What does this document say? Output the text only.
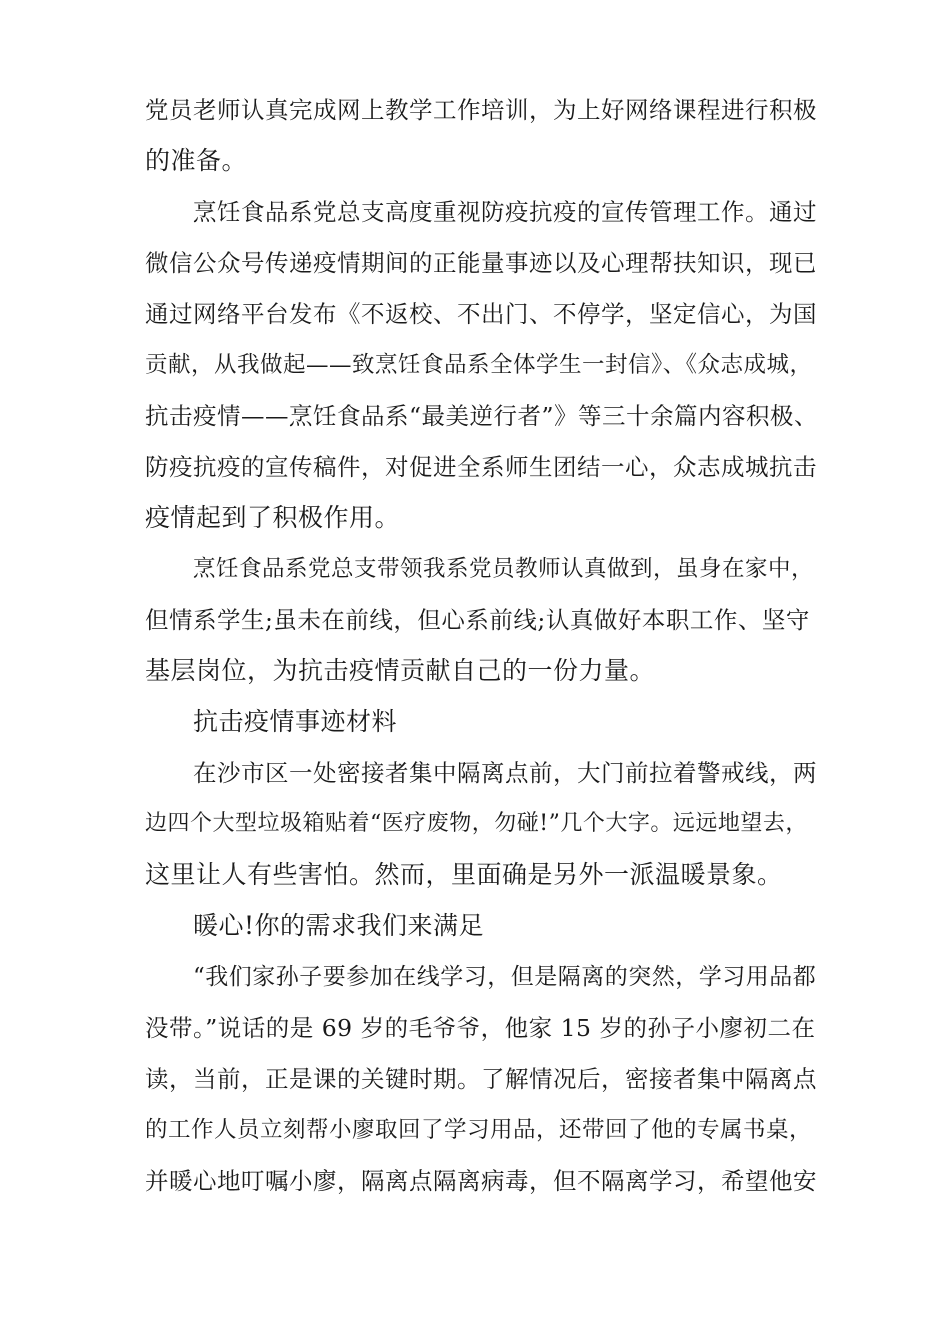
党员老师认真完成网上教学工作培训，为上好网络课程进行积极
的准备。
烹饪食品系党总支高度重视防疫抗疫的宣传管理工作。通过
微信公众号传递疫情期间的正能量事迹以及心理帮扶知识，现已
通过网络平台发布《不返校、不出门、不停学，坚定信心，为国
贡献，从我做起——致烹饪食品系全体学生一封信》、《众志成城，
抗击疫情——烹饪食品系“最美逆行者”》等三十余篇内容积极、
防疫抗疫的宣传稿件，对促进全系师生团结一心，众志成城抗击
疫情起到了积极作用。
烹饪食品系党总支带领我系党员教师认真做到，虽身在家中，
但情系学生;虽未在前线，但心系前线;认真做好本职工作、坚守
基层岗位，为抗击疫情贡献自己的一份力量。
抗击疫情事迹材料
在沙市区一处密接者集中隔离点前，大门前拉着警戒线，两
边四个大型垃圾箱贴着“医疗废物，勿碰!”几个大字。远远地望去，
这里让人有些害怕。然而，里面确是另外一派温暖景象。
暖心!你的需求我们来满足
“我们家孙子要参加在线学习，但是隔离的突然，学习用品都
没带。”说话的是 69 岁的毛爷爷，他家 15 岁的孙子小廖初二在
读，当前，正是课的关键时期。了解情况后，密接者集中隔离点
的工作人员立刻帮小廖取回了学习用品，还带回了他的专属书桌，
并暖心地叮嘱小廖，隔离点隔离病毒，但不隔离学习，希望他安
